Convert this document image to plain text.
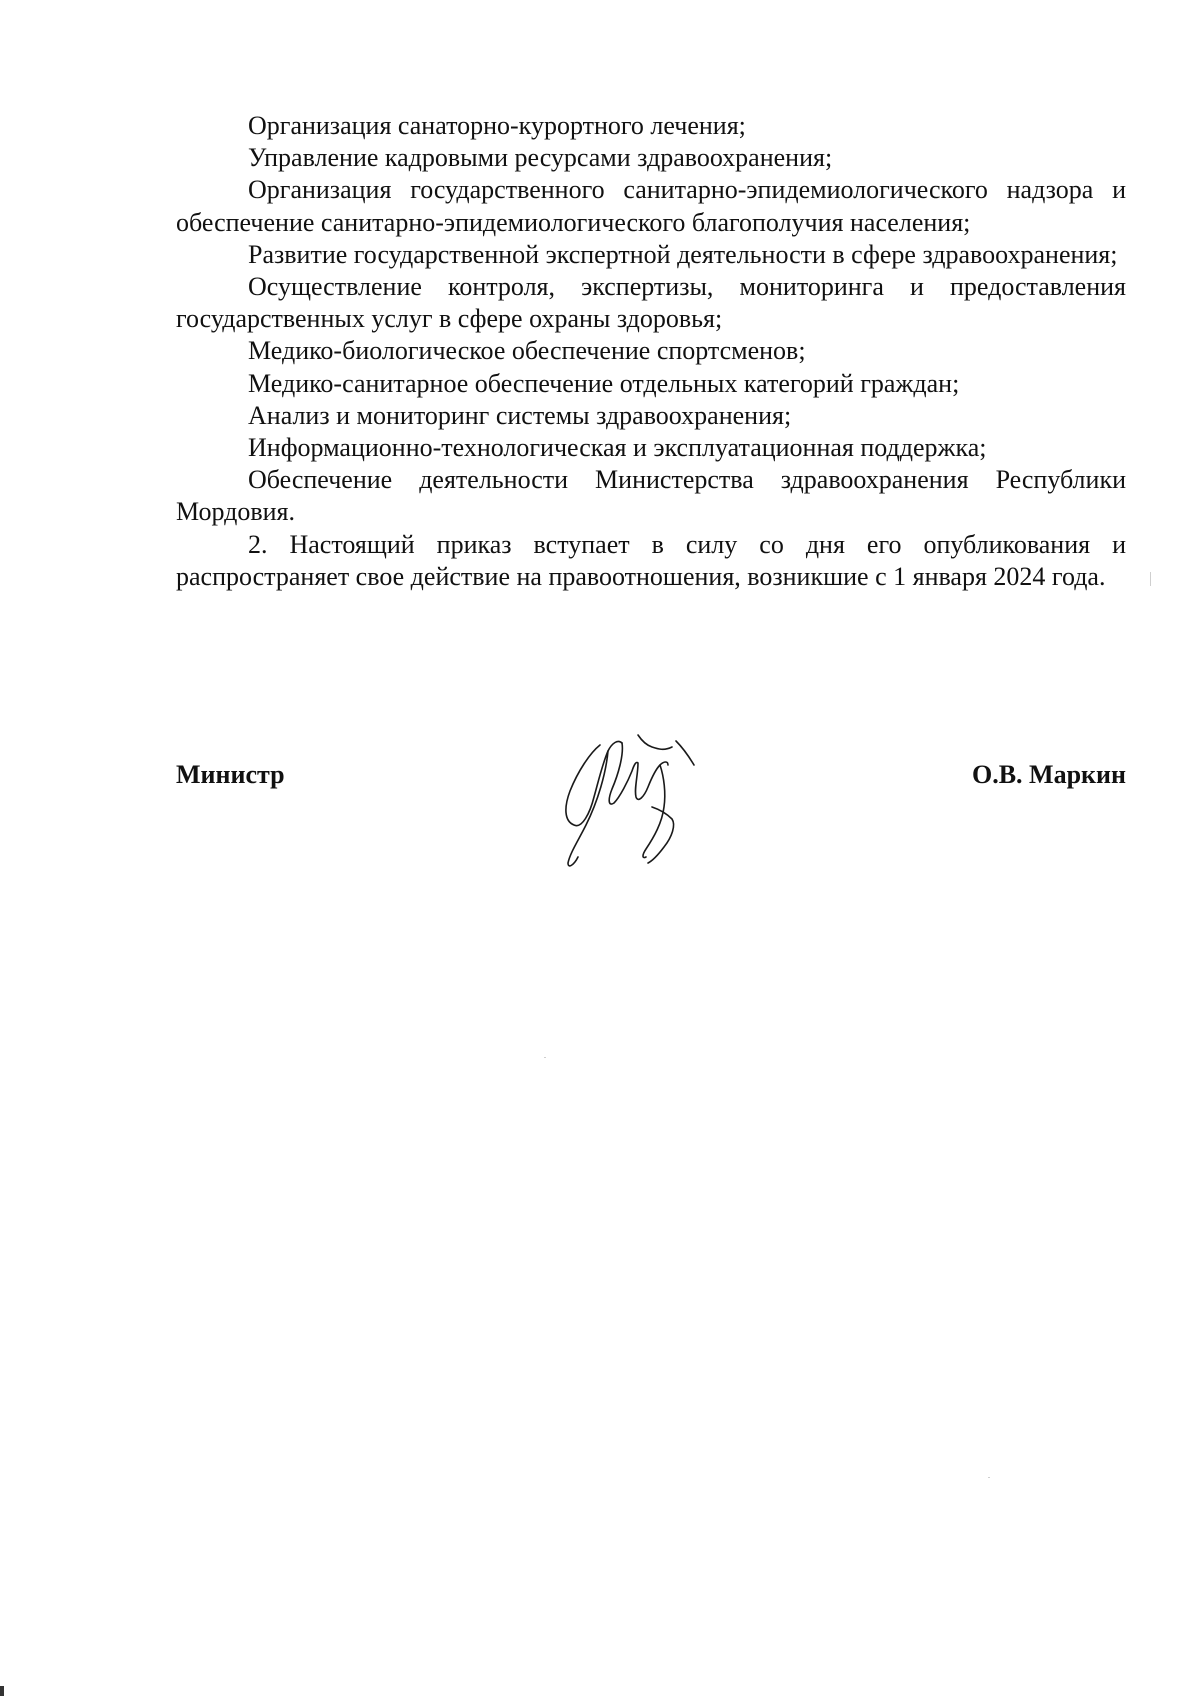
Организация санаторно-курортного лечения;

Управление кадровыми ресурсами здравоохранения;

Организация государственного санитарно-эпидемиологического надзора и обеспечение санитарно-эпидемиологического благополучия населения;

Развитие государственной экспертной деятельности в сфере здравоохранения;

Осуществление контроля, экспертизы, мониторинга и предоставления государственных услуг в сфере охраны здоровья;

Медико-биологическое обеспечение спортсменов;

Медико-санитарное обеспечение отдельных категорий граждан;

Анализ и мониторинг системы здравоохранения;

Информационно-технологическая и эксплуатационная поддержка;

Обеспечение деятельности Министерства здравоохранения Республики Мордовия.

2. Настоящий приказ вступает в силу со дня его опубликования и распространяет свое действие на правоотношения, возникшие с 1 января 2024 года.

Министр	О.В. Маркин
